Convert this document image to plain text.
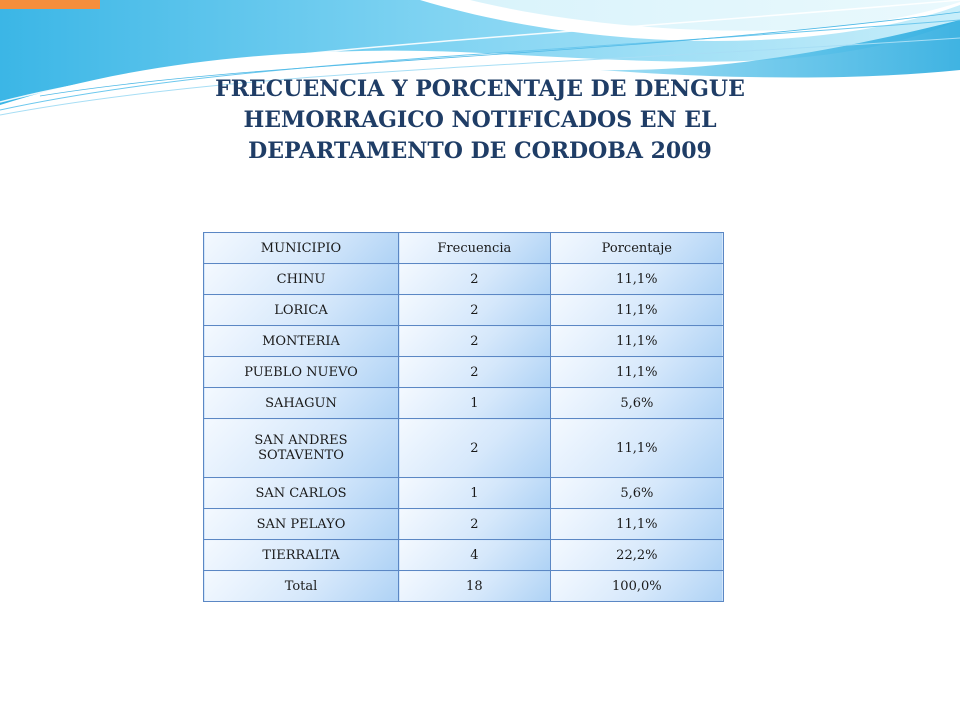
FRECUENCIA Y PORCENTAJE DE DENGUE
HEMORRAGICO NOTIFICADOS EN EL
DEPARTAMENTO DE CORDOBA 2009
MUNICIPIO	Frecuencia	Porcentaje
CHINU	2	11,1%
LORICA	2	11,1%
MONTERIA	2	11,1%
PUEBLO NUEVO	2	11,1%
SAHAGUN	1	5,6%
SAN ANDRES SOTAVENTO	2	11,1%
SAN CARLOS	1	5,6%
SAN PELAYO	2	11,1%
TIERRALTA	4	22,2%
Total	18	100,0%
